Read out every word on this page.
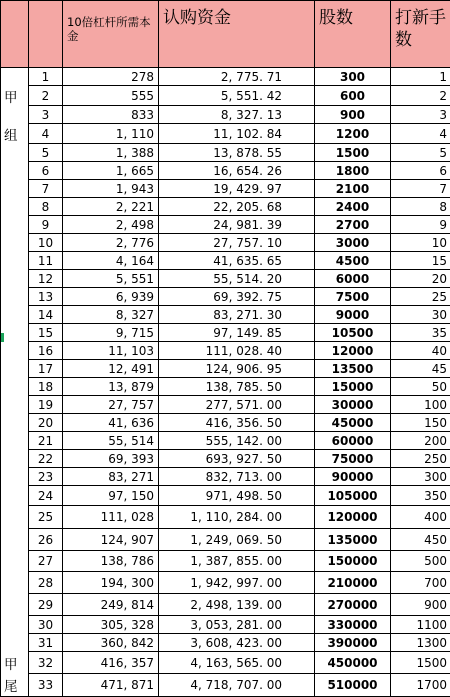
		10倍杠杆所需本金	认购资金	股数	打新手数
	1	278	2, 775. 71	300	1
甲	2	555	5, 551. 42	600	2
	3	833	8, 327. 13	900	3
组	4	1, 110	11, 102. 84	1200	4
	5	1, 388	13, 878. 55	1500	5
	6	1, 665	16, 654. 26	1800	6
	7	1, 943	19, 429. 97	2100	7
	8	2, 221	22, 205. 68	2400	8
	9	2, 498	24, 981. 39	2700	9
	10	2, 776	27, 757. 10	3000	10
	11	4, 164	41, 635. 65	4500	15
	12	5, 551	55, 514. 20	6000	20
	13	6, 939	69, 392. 75	7500	25
	14	8, 327	83, 271. 30	9000	30

	15	9, 715	97, 149. 85	10500	35
	16	11, 103	111, 028. 40	12000	40
	17	12, 491	124, 906. 95	13500	45
	18	13, 879	138, 785. 50	15000	50
	19	27, 757	277, 571. 00	30000	100
	20	41, 636	416, 356. 50	45000	150
	21	55, 514	555, 142. 00	60000	200
	22	69, 393	693, 927. 50	75000	250
	23	83, 271	832, 713. 00	90000	300
	24	97, 150	971, 498. 50	105000	350
	25	111, 028	1, 110, 284. 00	120000	400
	26	124, 907	1, 249, 069. 50	135000	450
	27	138, 786	1, 387, 855. 00	150000	500
	28	194, 300	1, 942, 997. 00	210000	700
	29	249, 814	2, 498, 139. 00	270000	900
	30	305, 328	3, 053, 281. 00	330000	1100
	31	360, 842	3, 608, 423. 00	390000	1300
甲	32	416, 357	4, 163, 565. 00	450000	1500
尾	33	471, 871	4, 718, 707. 00	510000	1700
